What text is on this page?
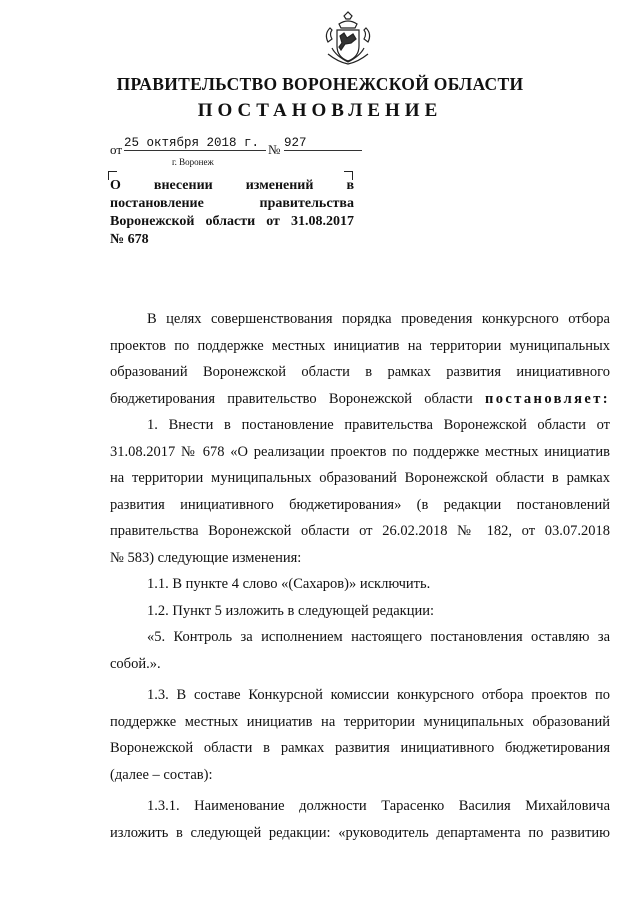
ПРАВИТЕЛЬСТВО ВОРОНЕЖСКОЙ ОБЛАСТИ
ПОСТАНОВЛЕНИЕ
от 25 октября 2018 г. № 927
г. Воронеж
О внесении изменений в
постановление правительства
Воронежской области от 31.08.2017
№ 678
В целях совершенствования порядка проведения конкурсного отбора
проектов по поддержке местных инициатив на территории муниципальных
образований Воронежской области в рамках развития инициативного
бюджетирования правительство Воронежской области постановляет:
1. Внести в постановление правительства Воронежской области от
31.08.2017 № 678 «О реализации проектов по поддержке местных инициатив
на территории муниципальных образований Воронежской области в рамках
развития инициативного бюджетирования» (в редакции постановлений
правительства Воронежской области от 26.02.2018 № 182, от 03.07.2018
№ 583) следующие изменения:
1.1. В пункте 4 слово «(Сахаров)» исключить.
1.2. Пункт 5 изложить в следующей редакции:
«5. Контроль за исполнением настоящего постановления оставляю за
собой.».
1.3. В составе Конкурсной комиссии конкурсного отбора проектов по
поддержке местных инициатив на территории муниципальных образований
Воронежской области в рамках развития инициативного бюджетирования
(далее – состав):
1.3.1. Наименование должности Тарасенко Василия Михайловича
изложить в следующей редакции: «руководитель департамента по развитию
